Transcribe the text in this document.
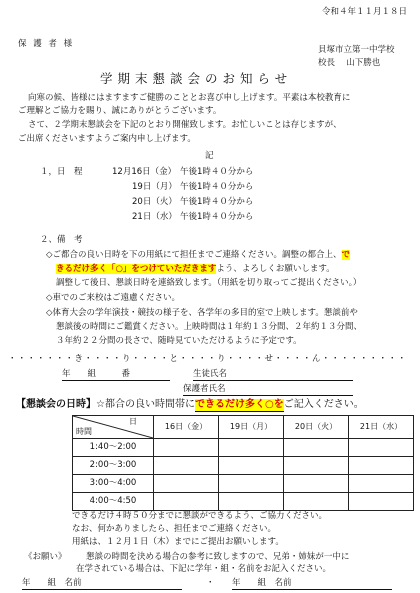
令和４年１１月１８日
保 護 者 様
貝塚市立第一中学校
校長　 山下勝也
学期末懇談会のお知らせ
向寒の候、皆様にはますますご健勝のこととお喜び申し上げます。平素は本校教育に
ご理解とご協力を賜り、誠にありがとうございます。
さて、２学期末懇談会を下記のとおり開催致します。お忙しいことは存じますが、
ご出席くださいますようご案内申し上げます。
記
１，日　程	12月16日（金） 午後1時４０分から
19日（月） 午後1時４０分から
20日（火） 午後1時４０分から
21日（水） 午後1時４０分から
２、備　考
◇ご都合の良い日時を下の用紙にて担任までご連絡ください。調整の都合上、で
きるだけ多く「○」をつけていただきますよう、よろしくお願いします。
調整して後日、懇談日時を連絡致します。（用紙を切り取ってご提出ください。）
◇車でのご来校はご遠慮ください。
◇体育大会の学年演技・競技の様子を、各学年の多目的室で上映します。懇談前や
懇談後の時間にご鑑賞ください。上映時間は１年約１３分間、２年約１３分間、
３年約２２分間の長さで、随時見ていただけるように予定です。
・・・・・・・き・・・・り・・・・と・・・・り・・・・せ・・・・ん・・・・・・・・・
年　　組　　　番	生徒氏名
保護者氏名
【懇談会の日時】☆都合の良い時間帯にできるだけ多く○をご記入ください。
日
時間	16日（金）	19日（月）	20日（火）	21日（水）
1:40～2:00				
2:00～3:00				
3:00～4:00				
4:00～4:50				
できるだけ４時５０分までに懇談ができるよう、ご協力ください。
なお、何かありましたら、担任までご連絡ください。
用紙は、１２月１日（木）までにご提出お願いします。
《お願い》 懇談の時間を決める場合の参考に致しますので、兄弟・姉妹が一中に
在学されている場合は、下記に学年・組・名前をお記入ください。
年　　組　名前	・ 年　　組　名前
